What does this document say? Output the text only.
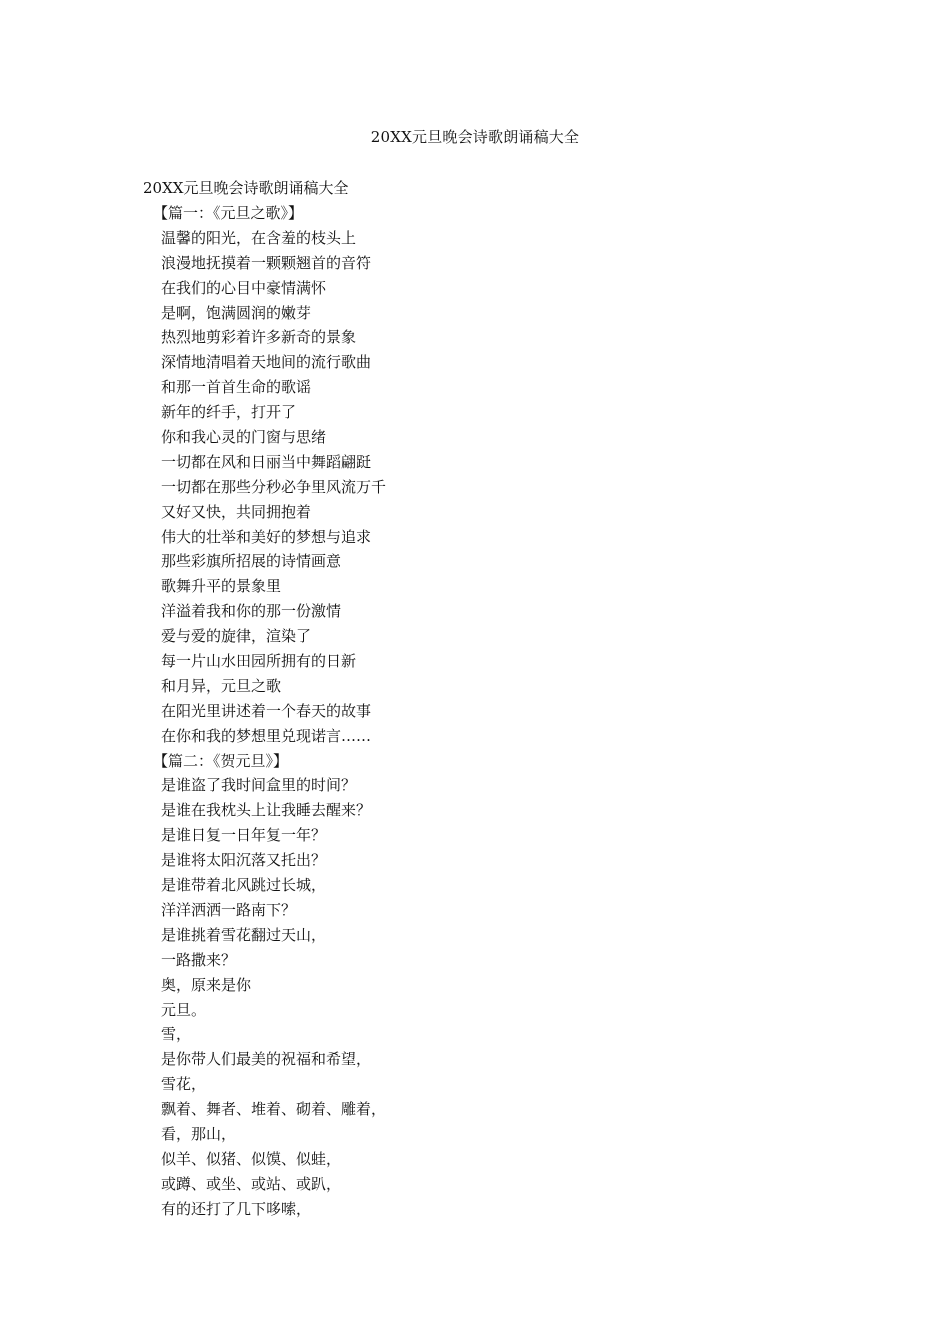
20XX元旦晚会诗歌朗诵稿大全
20XX元旦晚会诗歌朗诵稿大全
【篇一：《元旦之歌》】
温馨的阳光，在含羞的枝头上
浪漫地抚摸着一颗颗翘首的音符
在我们的心目中豪情满怀
是啊，饱满圆润的嫩芽
热烈地剪彩着许多新奇的景象
深情地清唱着天地间的流行歌曲
和那一首首生命的歌谣
新年的纤手，打开了
你和我心灵的门窗与思绪
一切都在风和日丽当中舞蹈翩跹
一切都在那些分秒必争里风流万千
又好又快，共同拥抱着
伟大的壮举和美好的梦想与追求
那些彩旗所招展的诗情画意
歌舞升平的景象里
洋溢着我和你的那一份激情
爱与爱的旋律，渲染了
每一片山水田园所拥有的日新
和月异，元旦之歌
在阳光里讲述着一个春天的故事
在你和我的梦想里兑现诺言……
【篇二：《贺元旦》】
是谁盗了我时间盒里的时间？
是谁在我枕头上让我睡去醒来？
是谁日复一日年复一年？
是谁将太阳沉落又托出？
是谁带着北风跳过长城，
洋洋洒洒一路南下？
是谁挑着雪花翻过天山，
一路撒来？
奥，原来是你
元旦。
雪，
是你带人们最美的祝福和希望，
雪花，
飘着、舞者、堆着、砌着、雕着，
看，那山，
似羊、似猪、似馍、似蛙，
或蹲、或坐、或站、或趴，
有的还打了几下哆嗦，
